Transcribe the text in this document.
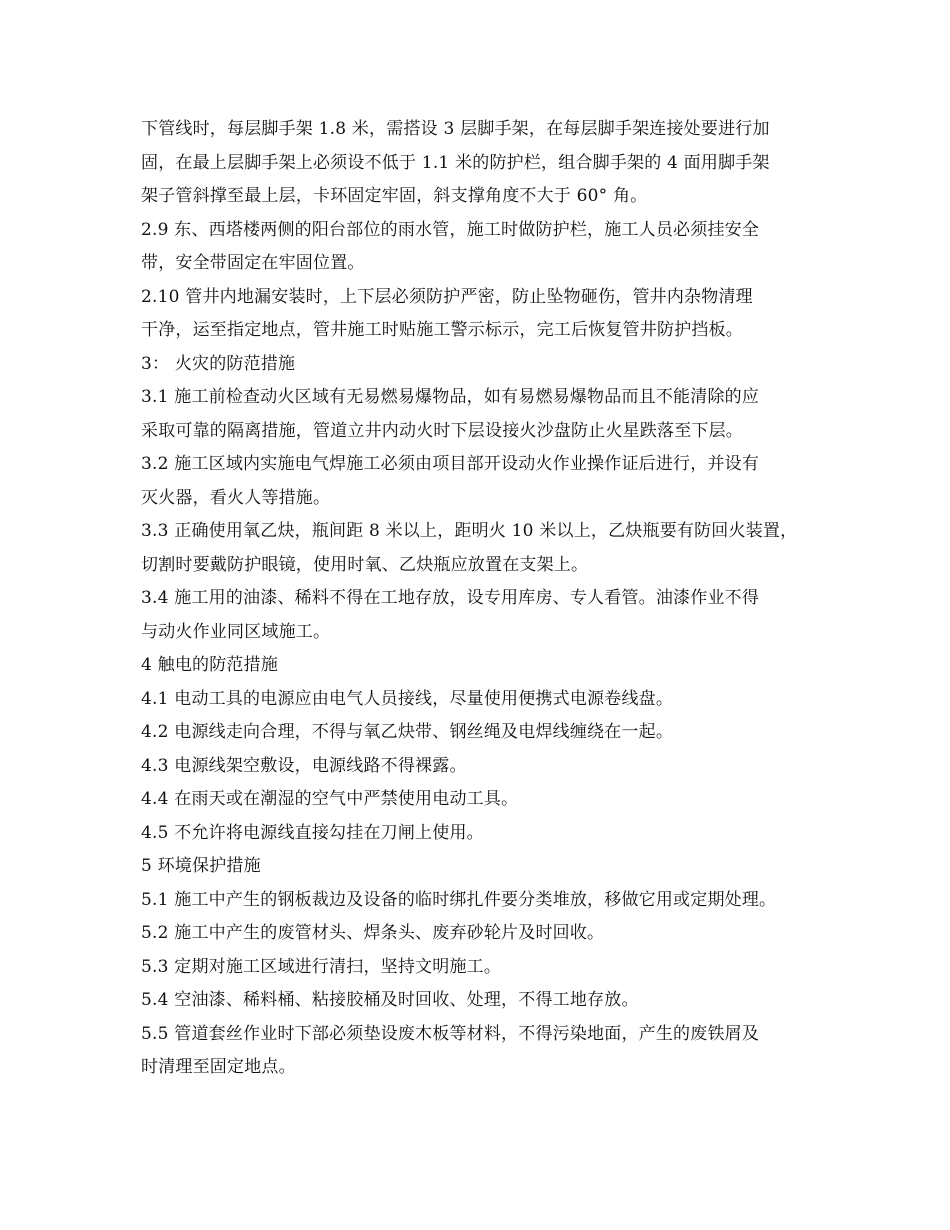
下管线时，每层脚手架 1.8 米，需搭设 3 层脚手架，在每层脚手架连接处要进行加

固，在最上层脚手架上必须设不低于 1.1 米的防护栏，组合脚手架的 4 面用脚手架

架子管斜撑至最上层，卡环固定牢固，斜支撑角度不大于 60° 角。

2.9 东、西塔楼两侧的阳台部位的雨水管，施工时做防护栏，施工人员必须挂安全

带，安全带固定在牢固位置。

2.10 管井内地漏安装时，上下层必须防护严密，防止坠物砸伤，管井内杂物清理

干净，运至指定地点，管井施工时贴施工警示标示，完工后恢复管井防护挡板。

3： 火灾的防范措施

3.1 施工前检查动火区域有无易燃易爆物品，如有易燃易爆物品而且不能清除的应

采取可靠的隔离措施，管道立井内动火时下层设接火沙盘防止火星跌落至下层。

3.2 施工区域内实施电气焊施工必须由项目部开设动火作业操作证后进行，并设有

灭火器，看火人等措施。

3.3 正确使用氧乙炔，瓶间距 8 米以上，距明火 10 米以上，乙炔瓶要有防回火装置，

切割时要戴防护眼镜，使用时氧、乙炔瓶应放置在支架上。

3.4 施工用的油漆、稀料不得在工地存放，设专用库房、专人看管。油漆作业不得

与动火作业同区域施工。

4 触电的防范措施

4.1 电动工具的电源应由电气人员接线，尽量使用便携式电源卷线盘。

4.2 电源线走向合理，不得与氧乙炔带、钢丝绳及电焊线缠绕在一起。

4.3 电源线架空敷设，电源线路不得裸露。

4.4 在雨天或在潮湿的空气中严禁使用电动工具。

4.5 不允许将电源线直接勾挂在刀闸上使用。

5 环境保护措施

5.1 施工中产生的钢板裁边及设备的临时绑扎件要分类堆放，移做它用或定期处理。

5.2 施工中产生的废管材头、焊条头、废弃砂轮片及时回收。

5.3 定期对施工区域进行清扫，坚持文明施工。

5.4 空油漆、稀料桶、粘接胶桶及时回收、处理，不得工地存放。

5.5 管道套丝作业时下部必须垫设废木板等材料，不得污染地面，产生的废铁屑及

时清理至固定地点。
